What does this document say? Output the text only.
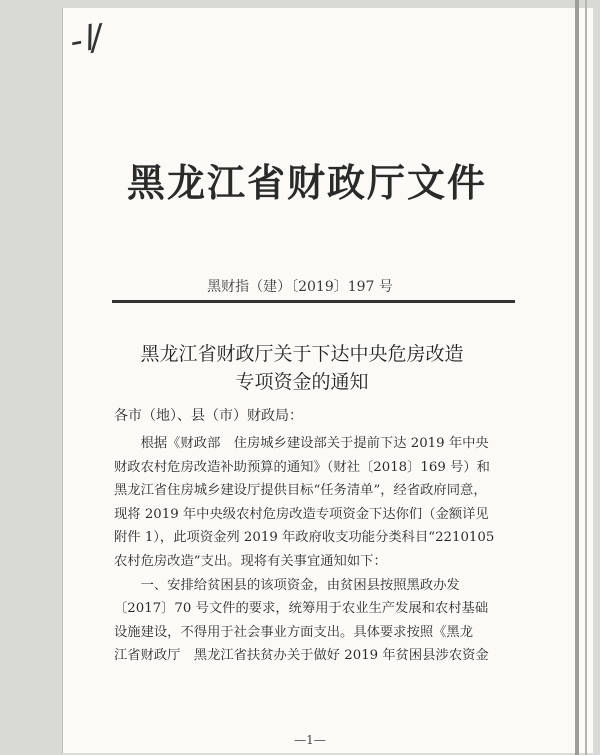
- l/
黑龙江省财政厅文件
黑财指（建）〔2019〕197 号
黑龙江省财政厅关于下达中央危房改造
专项资金的通知
各市（地）、县（市）财政局：

　　根据《财政部　住房城乡建设部关于提前下达 2019 年中央

财政农村危房改造补助预算的通知》（财社〔2018〕169 号）和

黑龙江省住房城乡建设厅提供目标“任务清单”，经省政府同意，

现将 2019 年中央级农村危房改造专项资金下达你们（金额详见

附件 1），此项资金列 2019 年政府收支功能分类科目“2210105

农村危房改造”支出。现将有关事宜通知如下：

　　一、安排给贫困县的该项资金，由贫困县按照黑政办发

〔2017〕70 号文件的要求，统筹用于农业生产发展和农村基础

设施建设，不得用于社会事业方面支出。具体要求按照《黑龙

江省财政厅　黑龙江省扶贫办关于做好 2019 年贫困县涉农资金

—1—
